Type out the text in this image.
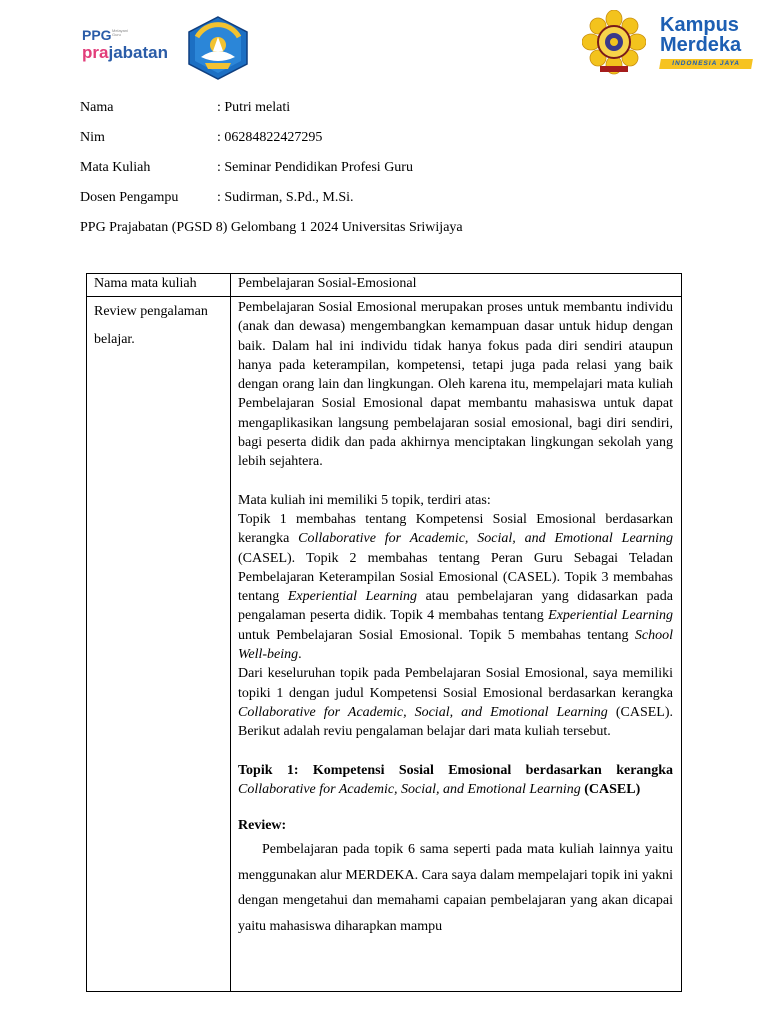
PPG Melayani Guru
prajabatan
Kampus
Merdeka
INDONESIA JAYA
Nama	: Putri melati
Nim	: 06284822427295
Mata Kuliah	: Seminar Pendidikan Profesi Guru
Dosen Pengampu	: Sudirman, S.Pd., M.Si.
PPG Prajabatan (PGSD 8) Gelombang 1 2024 Universitas Sriwijaya
Nama mata kuliah	Pembelajaran Sosial-Emosional
Review pengalaman
belajar.

Pembelajaran Sosial Emosional merupakan proses untuk membantu individu (anak dan dewasa) mengembangkan kemampuan dasar untuk hidup dengan baik. Dalam hal ini individu tidak hanya fokus pada diri sendiri ataupun hanya pada keterampilan, kompetensi, tetapi juga pada relasi yang baik dengan orang lain dan lingkungan. Oleh karena itu, mempelajari mata kuliah Pembelajaran Sosial Emosional dapat membantu mahasiswa untuk dapat mengaplikasikan langsung pembelajaran sosial emosional, bagi diri sendiri, bagi peserta didik dan pada akhirnya menciptakan lingkungan sekolah yang lebih sejahtera.

Mata kuliah ini memiliki 5 topik, terdiri atas:

Topik 1 membahas tentang Kompetensi Sosial Emosional berdasarkan kerangka Collaborative for Academic, Social, and Emotional Learning (CASEL). Topik 2 membahas tentang Peran Guru Sebagai Teladan Pembelajaran Keterampilan Sosial Emosional (CASEL). Topik 3 membahas tentang Experiential Learning atau pembelajaran yang didasarkan pada pengalaman peserta didik. Topik 4 membahas tentang Experiential Learning untuk Pembelajaran Sosial Emosional. Topik 5 membahas tentang School Well-being.

Dari keseluruhan topik pada Pembelajaran Sosial Emosional, saya memiliki topiki 1 dengan judul Kompetensi Sosial Emosional berdasarkan kerangka Collaborative for Academic, Social, and Emotional Learning (CASEL). Berikut adalah reviu pengalaman belajar dari mata kuliah tersebut.

Topik 1: Kompetensi Sosial Emosional berdasarkan kerangka Collaborative for Academic, Social, and Emotional Learning (CASEL)

Review:

Pembelajaran pada topik 6 sama seperti pada mata kuliah lainnya yaitu menggunakan alur MERDEKA. Cara saya dalam mempelajari topik ini yakni dengan mengetahui dan memahami capaian pembelajaran yang akan dicapai yaitu mahasiswa diharapkan mampu
